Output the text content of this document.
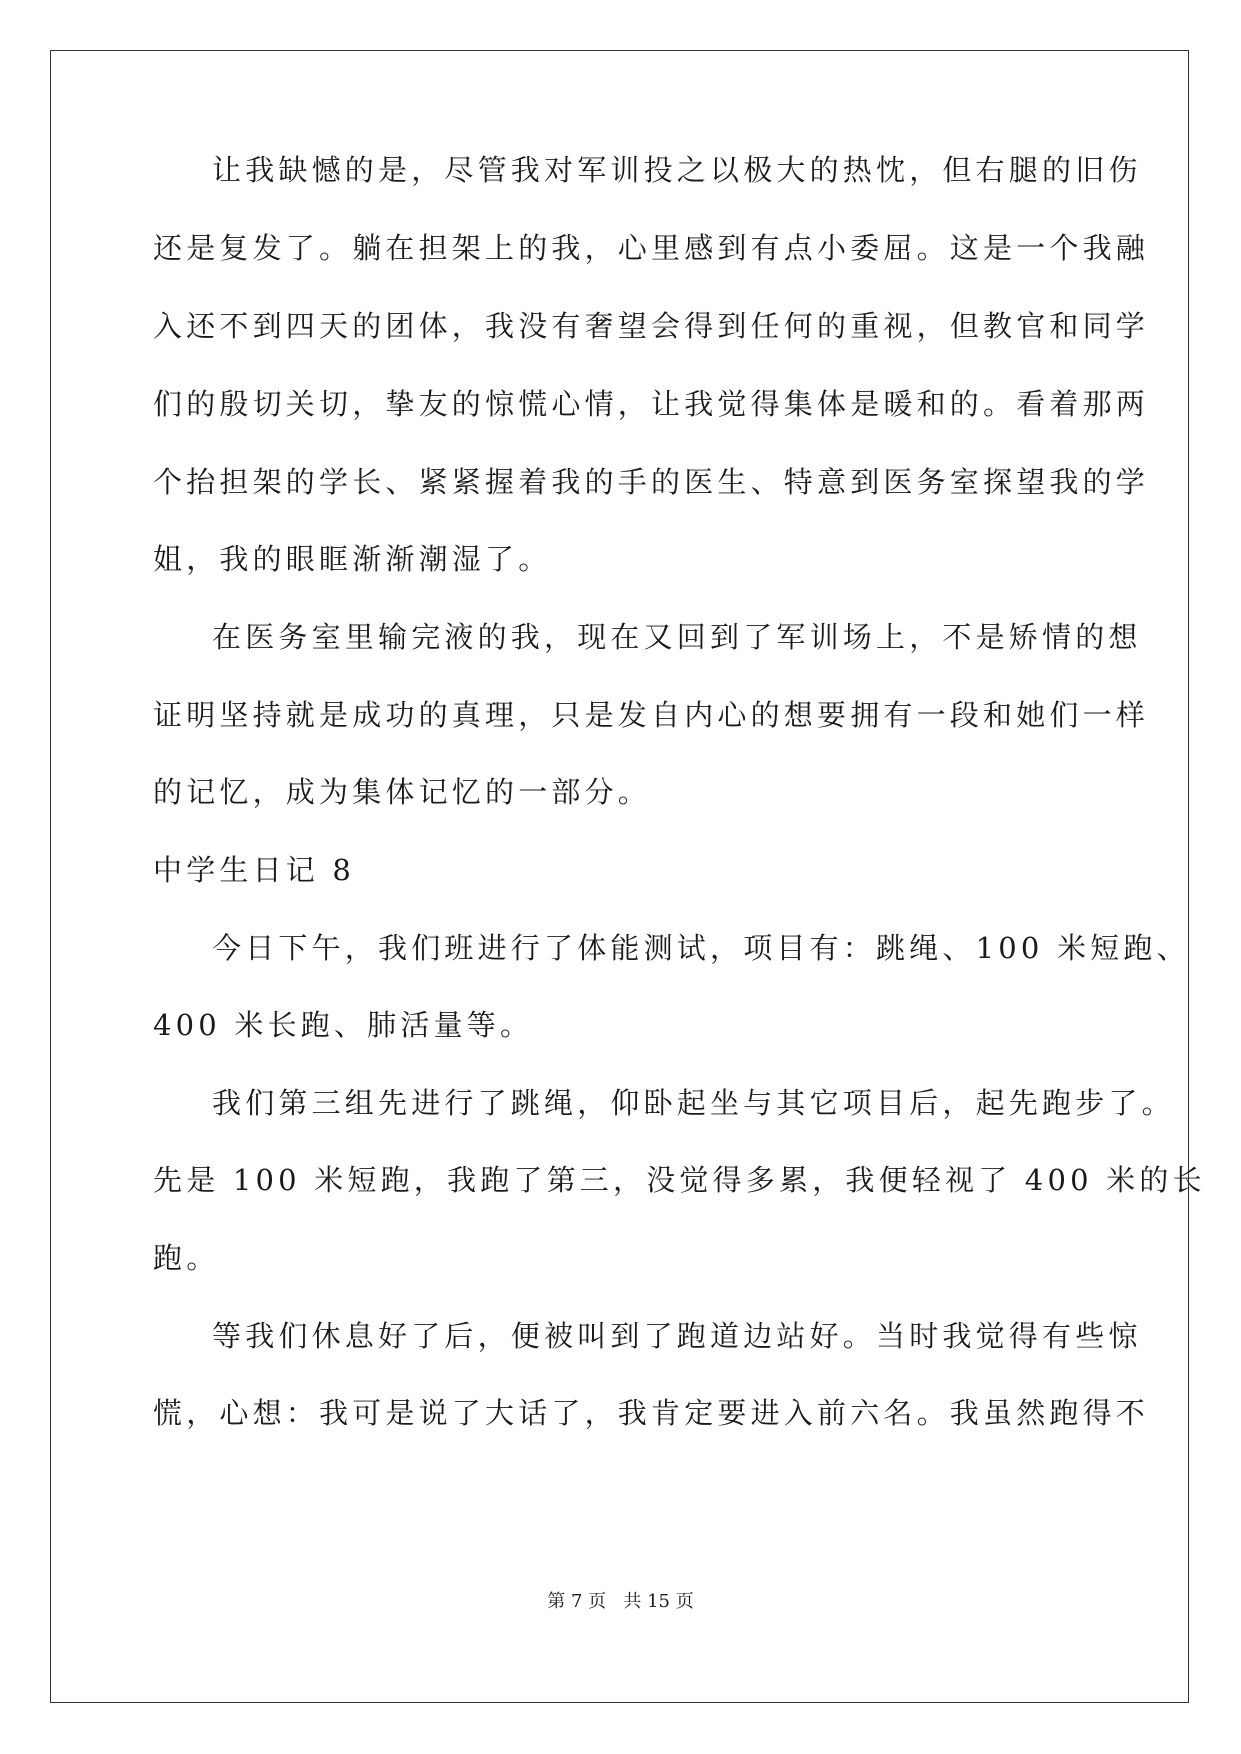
让我缺憾的是，尽管我对军训投之以极大的热忱，但右腿的旧伤
还是复发了。躺在担架上的我，心里感到有点小委屈。这是一个我融
入还不到四天的团体，我没有奢望会得到任何的重视，但教官和同学
们的殷切关切，挚友的惊慌心情，让我觉得集体是暖和的。看着那两
个抬担架的学长、紧紧握着我的手的医生、特意到医务室探望我的学
姐，我的眼眶渐渐潮湿了。
在医务室里输完液的我，现在又回到了军训场上，不是矫情的想
证明坚持就是成功的真理，只是发自内心的想要拥有一段和她们一样
的记忆，成为集体记忆的一部分。
中学生日记 8
今日下午，我们班进行了体能测试，项目有：跳绳、100 米短跑、
400 米长跑、肺活量等。
我们第三组先进行了跳绳，仰卧起坐与其它项目后，起先跑步了。
先是 100 米短跑，我跑了第三，没觉得多累，我便轻视了 400 米的长
跑。
等我们休息好了后，便被叫到了跑道边站好。当时我觉得有些惊
慌，心想：我可是说了大话了，我肯定要进入前六名。我虽然跑得不
第 7 页   共 15 页
